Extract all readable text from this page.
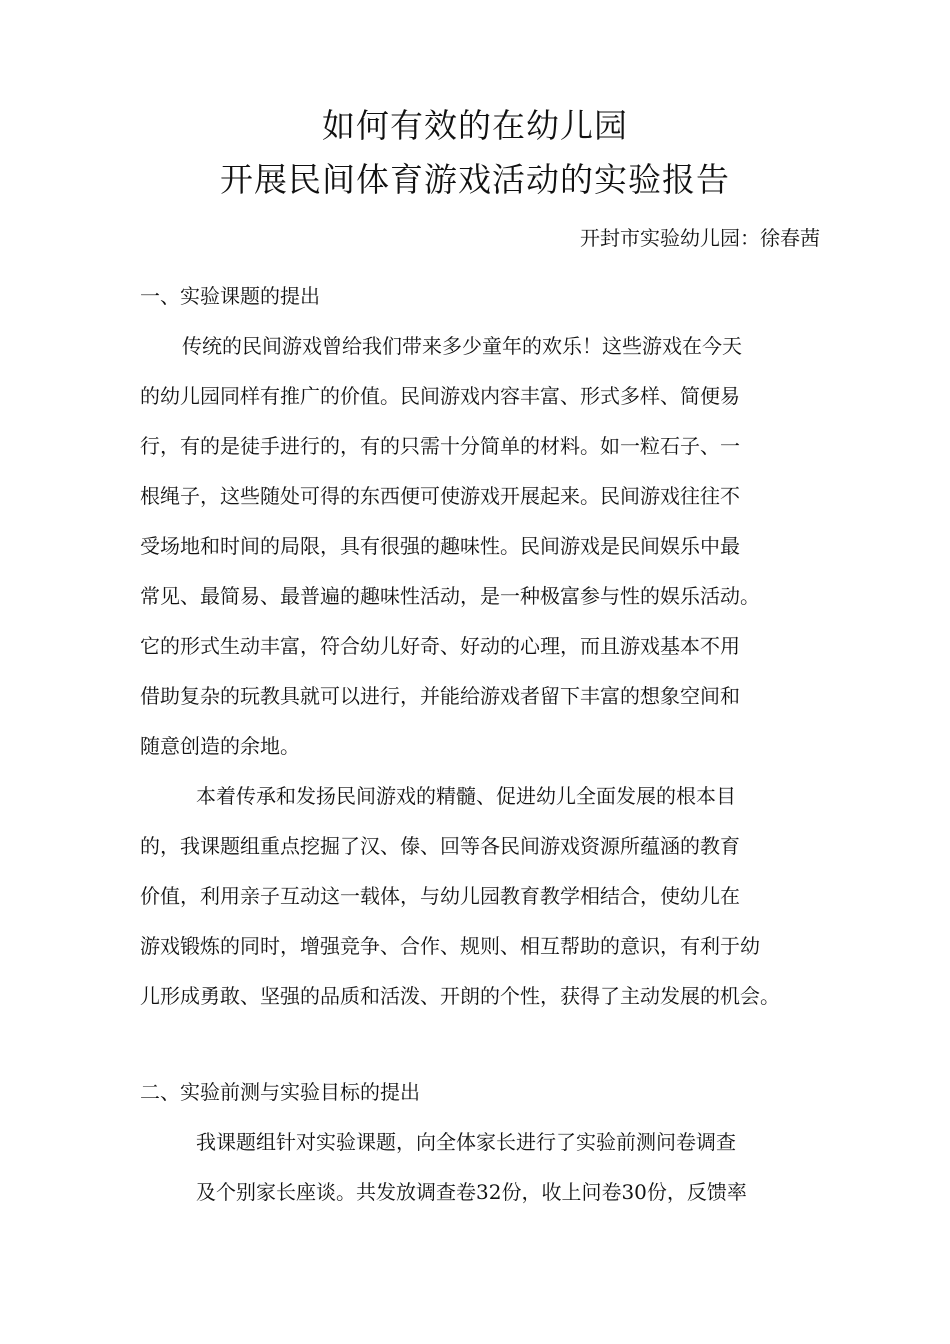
如何有效的在幼儿园
开展民间体育游戏活动的实验报告
开封市实验幼儿园：徐春茜
一、实验课题的提出
传统的民间游戏曾给我们带来多少童年的欢乐！这些游戏在今天
的幼儿园同样有推广的价值。民间游戏内容丰富、形式多样、简便易
行，有的是徒手进行的，有的只需十分简单的材料。如一粒石子、一
根绳子，这些随处可得的东西便可使游戏开展起来。民间游戏往往不
受场地和时间的局限，具有很强的趣味性。民间游戏是民间娱乐中最
常见、最简易、最普遍的趣味性活动，是一种极富参与性的娱乐活动。
它的形式生动丰富，符合幼儿好奇、好动的心理，而且游戏基本不用
借助复杂的玩教具就可以进行，并能给游戏者留下丰富的想象空间和
随意创造的余地。
本着传承和发扬民间游戏的精髓、促进幼儿全面发展的根本目
的，我课题组重点挖掘了汉、傣、回等各民间游戏资源所蕴涵的教育
价值，利用亲子互动这一载体，与幼儿园教育教学相结合，使幼儿在
游戏锻炼的同时，增强竞争、合作、规则、相互帮助的意识，有利于幼
儿形成勇敢、坚强的品质和活泼、开朗的个性，获得了主动发展的机会。
二、实验前测与实验目标的提出
我课题组针对实验课题，向全体家长进行了实验前测问卷调查
及个别家长座谈。共发放调查卷32份，收上问卷30份，反馈率
